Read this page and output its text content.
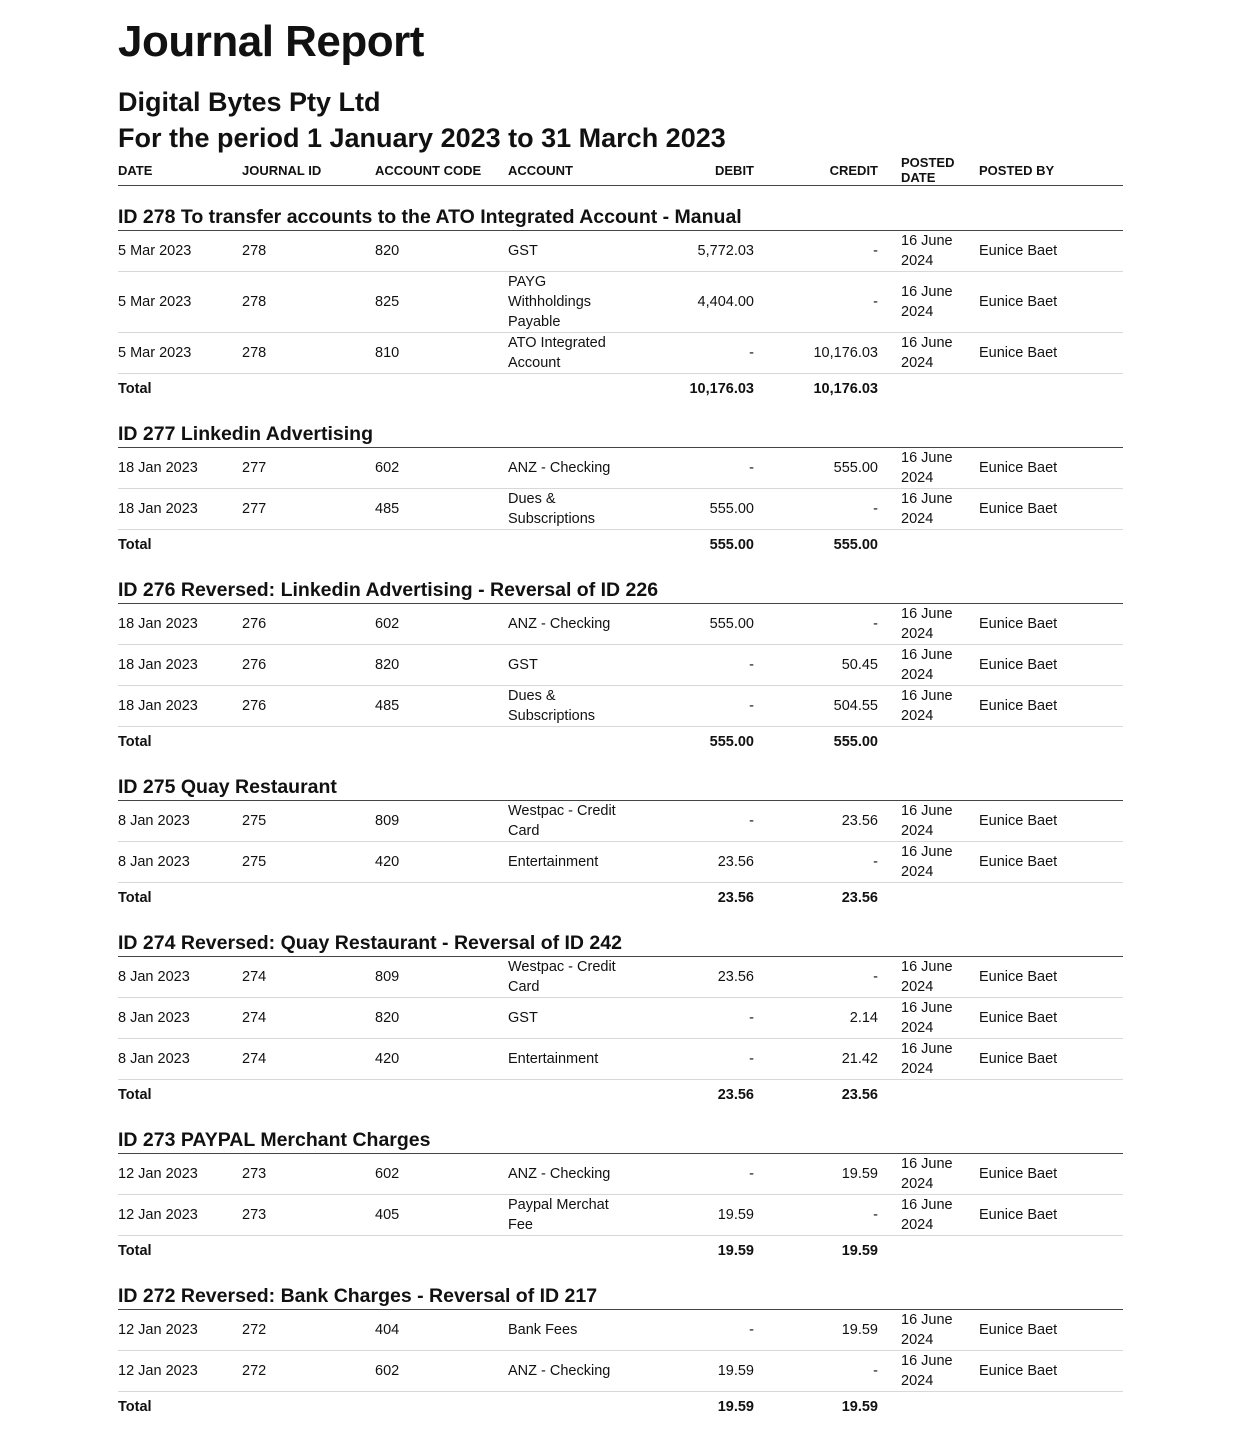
Journal Report
Digital Bytes Pty Ltd
For the period 1 January 2023 to 31 March 2023
DATE	JOURNAL ID	ACCOUNT CODE	ACCOUNT	DEBIT	CREDIT	POSTED DATE	POSTED BY

ID 278 To transfer accounts to the ATO Integrated Account - Manual							
5 Mar 2023	278	820	GST	5,772.03	-	16 June 2024	Eunice Baet
5 Mar 2023	278	825	PAYG Withholdings Payable	4,404.00	-	16 June 2024	Eunice Baet
5 Mar 2023	278	810	ATO Integrated Account	-	10,176.03	16 June 2024	Eunice Baet
Total				10,176.03	10,176.03		

ID 277 Linkedin Advertising							
18 Jan 2023	277	602	ANZ - Checking	-	555.00	16 June 2024	Eunice Baet
18 Jan 2023	277	485	Dues & Subscriptions	555.00	-	16 June 2024	Eunice Baet
Total				555.00	555.00		

ID 276 Reversed: Linkedin Advertising - Reversal of ID 226							
18 Jan 2023	276	602	ANZ - Checking	555.00	-	16 June 2024	Eunice Baet
18 Jan 2023	276	820	GST	-	50.45	16 June 2024	Eunice Baet
18 Jan 2023	276	485	Dues & Subscriptions	-	504.55	16 June 2024	Eunice Baet
Total				555.00	555.00		

ID 275 Quay Restaurant							
8 Jan 2023	275	809	Westpac - Credit Card	-	23.56	16 June 2024	Eunice Baet
8 Jan 2023	275	420	Entertainment	23.56	-	16 June 2024	Eunice Baet
Total				23.56	23.56		

ID 274 Reversed: Quay Restaurant - Reversal of ID 242							
8 Jan 2023	274	809	Westpac - Credit Card	23.56	-	16 June 2024	Eunice Baet
8 Jan 2023	274	820	GST	-	2.14	16 June 2024	Eunice Baet
8 Jan 2023	274	420	Entertainment	-	21.42	16 June 2024	Eunice Baet
Total				23.56	23.56		

ID 273 PAYPAL Merchant Charges							
12 Jan 2023	273	602	ANZ - Checking	-	19.59	16 June 2024	Eunice Baet
12 Jan 2023	273	405	Paypal Merchat Fee	19.59	-	16 June 2024	Eunice Baet
Total				19.59	19.59		

ID 272 Reversed: Bank Charges - Reversal of ID 217							
12 Jan 2023	272	404	Bank Fees	-	19.59	16 June 2024	Eunice Baet
12 Jan 2023	272	602	ANZ - Checking	19.59	-	16 June 2024	Eunice Baet
Total				19.59	19.59		
